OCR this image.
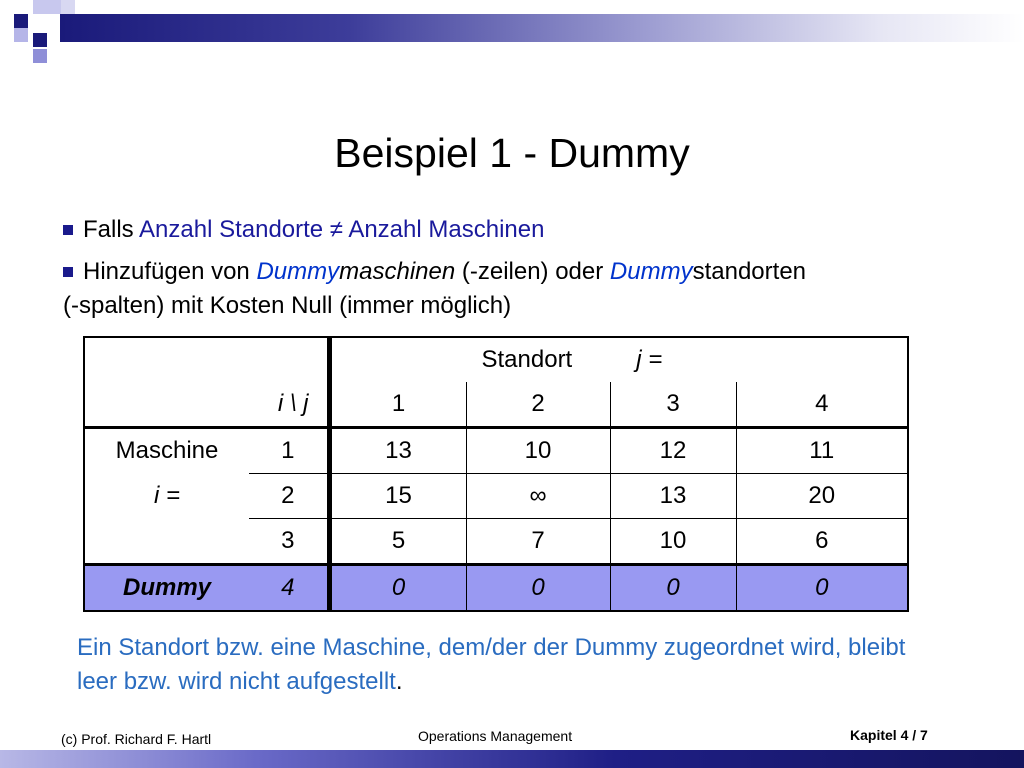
Beispiel 1 - Dummy
Falls Anzahl Standorte ≠ Anzahl Maschinen
Hinzufügen von Dummymaschinen (-zeilen) oder Dummystandorten
(-spalten) mit Kosten Null (immer möglich)
		Standort j =			
i \ j		1	2	3	4
Maschine	1	13	10	12	11
i =	2	15	∞	13	20
	3	5	7	10	6
Dummy	4	0	0	0	0
Ein Standort bzw. eine Maschine, dem/der der Dummy zugeordnet wird, bleibt leer bzw. wird nicht aufgestellt.
(c) Prof. Richard F. Hartl	Operations Management	Kapitel 4 / 7
